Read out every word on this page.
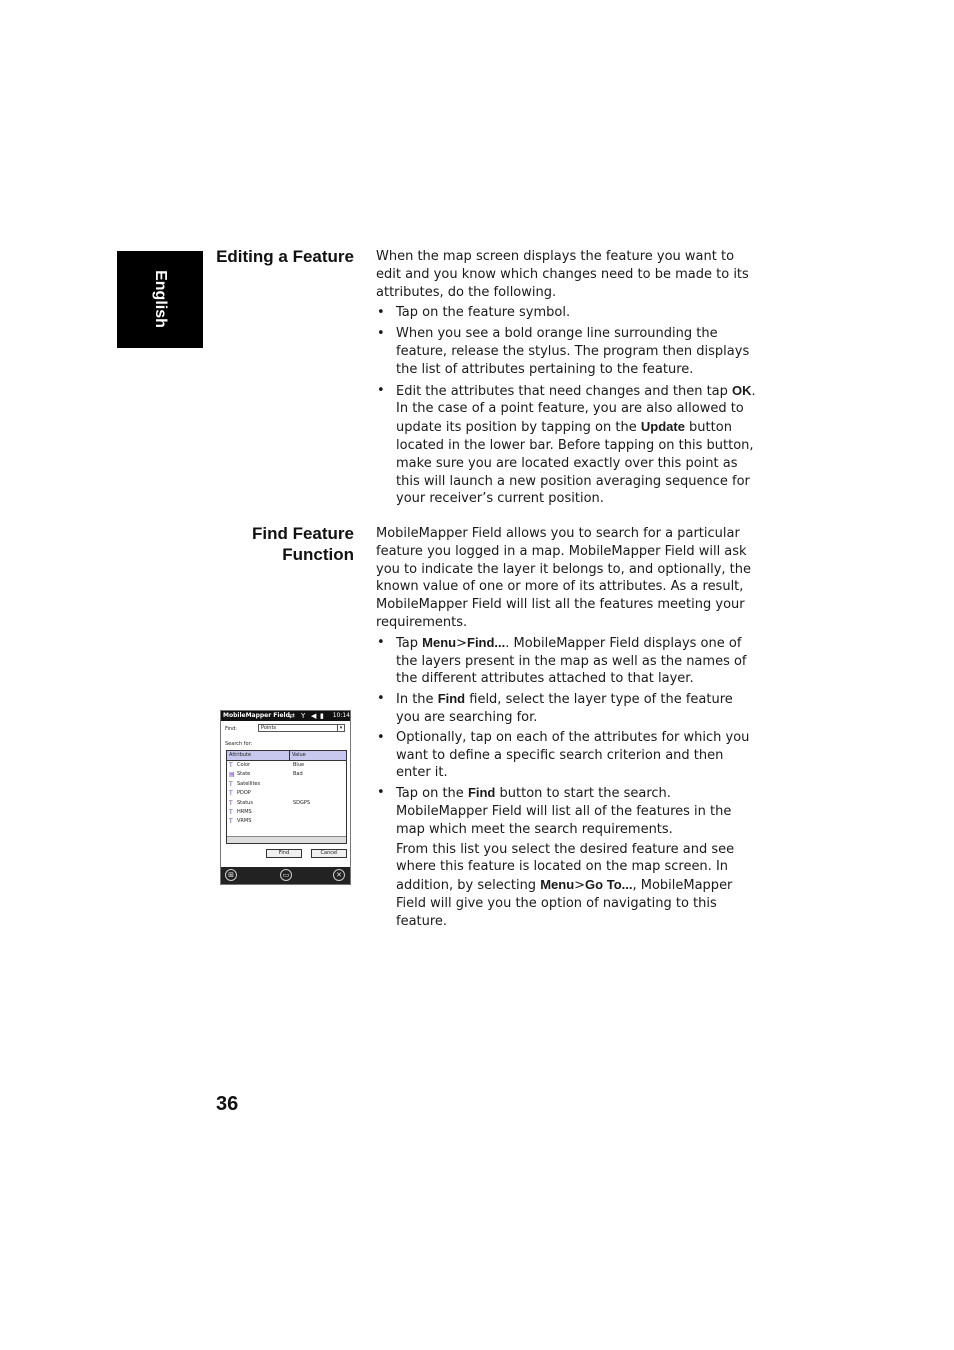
English
Editing a Feature When the map screen displays the feature you want to edit and you know which changes need to be made to its attributes, do the following.

• Tap on the feature symbol.
• When you see a bold orange line surrounding the feature, release the stylus. The program then displays the list of attributes pertaining to the feature.
• Edit the attributes that need changes and then tap OK. In the case of a point feature, you are also allowed to update its position by tapping on the Update button located in the lower bar. Before tapping on this button, make sure you are located exactly over this point as this will launch a new position averaging sequence for your receiver’s current position.
Find Feature
Function

MobileMapper Field allows you to search for a particular feature you logged in a map. MobileMapper Field will ask you to indicate the layer it belongs to, and optionally, the known value of one or more of its attributes. As a result, MobileMapper Field will list all the features meeting your requirements.

• Tap Menu>Find.... MobileMapper Field displays one of the layers present in the map as well as the names of the different attributes attached to that layer.
• In the Find field, select the layer type of the feature you are searching for.
• Optionally, tap on each of the attributes for which you want to define a specific search criterion and then enter it.
• Tap on the Find button to start the search. MobileMapper Field will list all of the features in the map which meet the search requirements.

From this list you select the desired feature and see where this feature is located on the map screen. In addition, by selecting Menu>Go To..., MobileMapper Field will give you the option of navigating to this feature.

MobileMapper Field ⇄ Y ◀ ▮ 10:14
Find:	Points	▾
Search for:
Attribute	Value
T Color	Blue
▤ State	Bad
T Satellites
T PDOP
T Status	SDGPS
T HRMS
T VRMS
Find	Cancel
⊞	▭	✕
36
